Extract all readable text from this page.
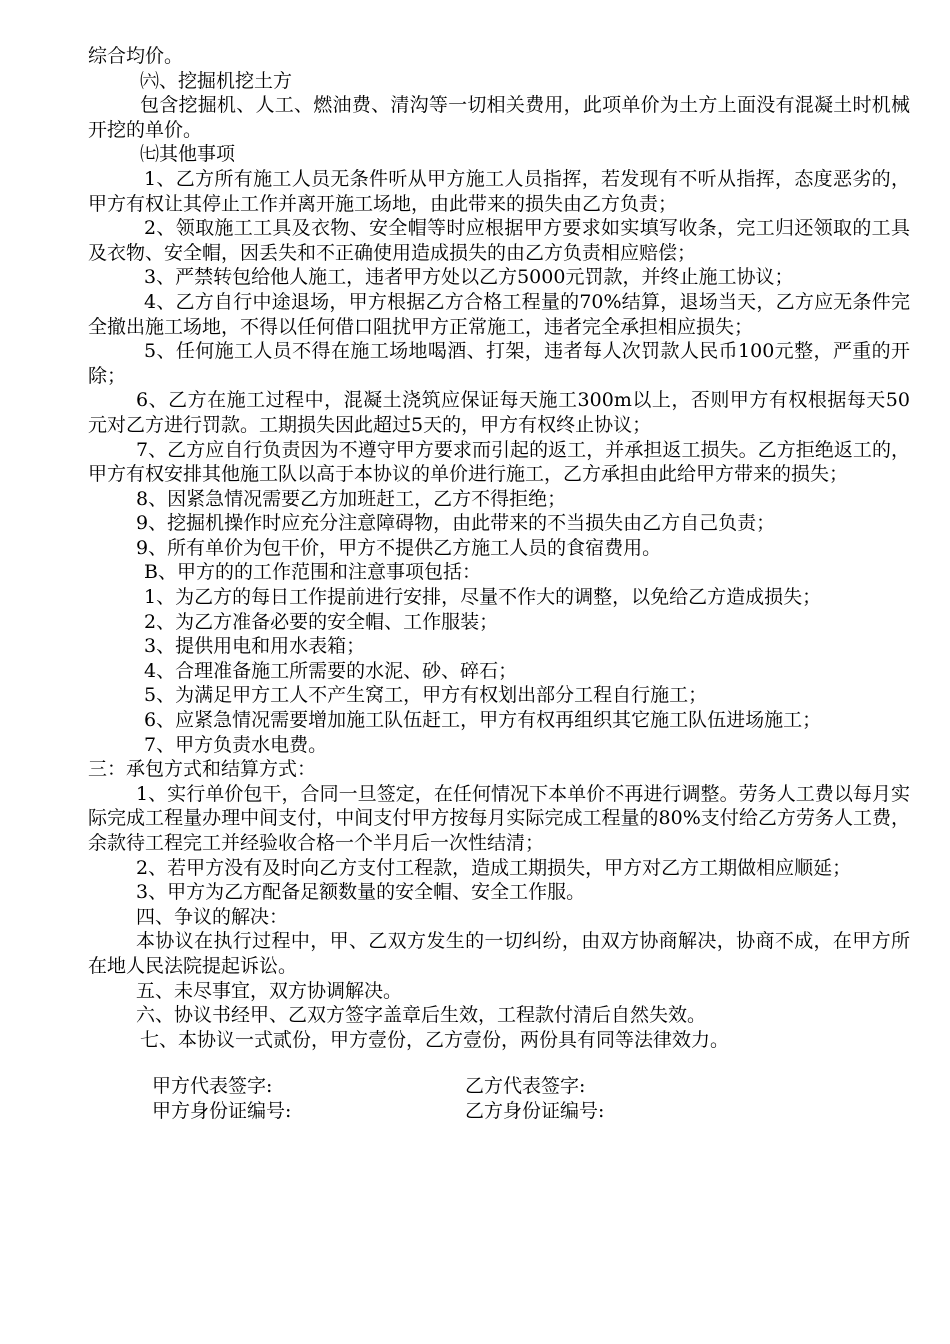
综合均价。

㈥、挖掘机挖土方

包含挖掘机、人工、燃油费、清沟等一切相关费用，此项单价为土方上面没有混凝土时机械开挖的单价。

㈦其他事项

1、乙方所有施工人员无条件听从甲方施工人员指挥，若发现有不听从指挥，态度恶劣的，甲方有权让其停止工作并离开施工场地，由此带来的损失由乙方负责；

2、领取施工工具及衣物、安全帽等时应根据甲方要求如实填写收条，完工归还领取的工具及衣物、安全帽，因丢失和不正确使用造成损失的由乙方负责相应赔偿；

3、严禁转包给他人施工，违者甲方处以乙方5000元罚款，并终止施工协议；

4、乙方自行中途退场，甲方根据乙方合格工程量的70%结算，退场当天，乙方应无条件完全撤出施工场地，不得以任何借口阻扰甲方正常施工，违者完全承担相应损失；

5、任何施工人员不得在施工场地喝酒、打架，违者每人次罚款人民币100元整，严重的开除；

6、乙方在施工过程中，混凝土浇筑应保证每天施工300m以上，否则甲方有权根据每天50元对乙方进行罚款。工期损失因此超过5天的，甲方有权终止协议；

7、乙方应自行负责因为不遵守甲方要求而引起的返工，并承担返工损失。乙方拒绝返工的，甲方有权安排其他施工队以高于本协议的单价进行施工，乙方承担由此给甲方带来的损失；

8、因紧急情况需要乙方加班赶工，乙方不得拒绝；

9、挖掘机操作时应充分注意障碍物，由此带来的不当损失由乙方自己负责；

9、所有单价为包干价，甲方不提供乙方施工人员的食宿费用。

B、甲方的的工作范围和注意事项包括：

1、为乙方的每日工作提前进行安排，尽量不作大的调整，以免给乙方造成损失；

2、为乙方准备必要的安全帽、工作服装；

3、提供用电和用水表箱；

4、合理准备施工所需要的水泥、砂、碎石；

5、为满足甲方工人不产生窝工，甲方有权划出部分工程自行施工；

6、应紧急情况需要增加施工队伍赶工，甲方有权再组织其它施工队伍进场施工；

7、甲方负责水电费。

三：承包方式和结算方式：

1、实行单价包干，合同一旦签定，在任何情况下本单价不再进行调整。劳务人工费以每月实际完成工程量办理中间支付，中间支付甲方按每月实际完成工程量的80%支付给乙方劳务人工费，余款待工程完工并经验收合格一个半月后一次性结清；

2、若甲方没有及时向乙方支付工程款，造成工期损失，甲方对乙方工期做相应顺延；

3、甲方为乙方配备足额数量的安全帽、安全工作服。

四、争议的解决：

本协议在执行过程中，甲、乙双方发生的一切纠纷，由双方协商解决，协商不成，在甲方所在地人民法院提起诉讼。

五、未尽事宜，双方协调解决。

六、协议书经甲、乙双方签字盖章后生效，工程款付清后自然失效。

七、本协议一式贰份，甲方壹份，乙方壹份，两份具有同等法律效力。

甲方代表签字:	乙方代表签字:
甲方身份证编号:	乙方身份证编号:
